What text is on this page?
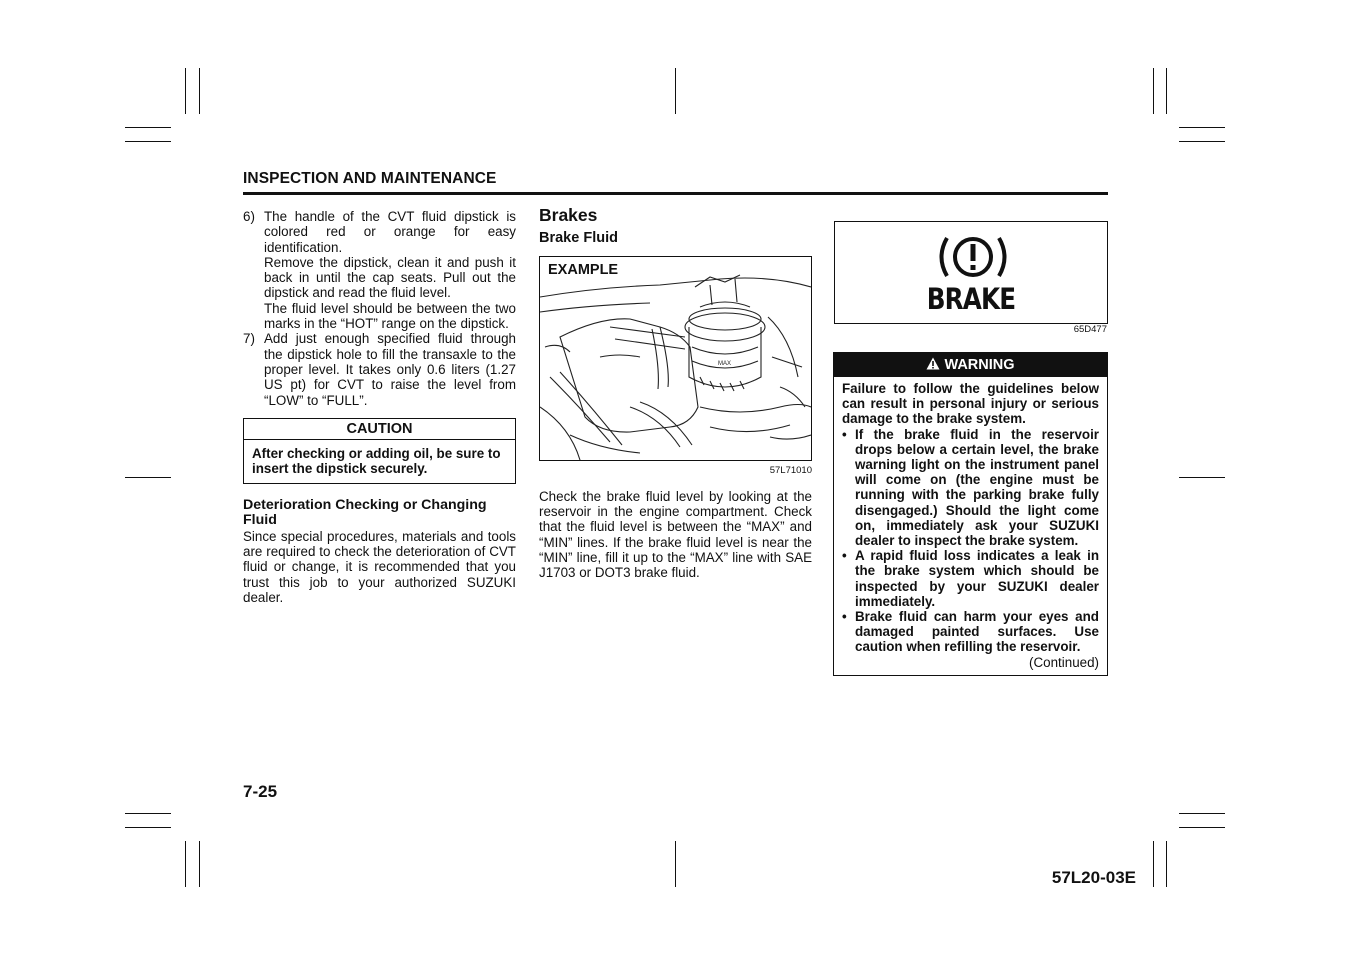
INSPECTION AND MAINTENANCE
6) The handle of the CVT fluid dipstick is colored red or orange for easy identification.

Remove the dipstick, clean it and push it back in until the cap seats. Pull out the dipstick and read the fluid level.

The fluid level should be between the two marks in the “HOT” range on the dipstick.

7) Add just enough specified fluid through the dipstick hole to fill the transaxle to the proper level. It takes only 0.6 liters (1.27 US pt) for CVT to raise the level from “LOW” to “FULL”.

CAUTION
After checking or adding oil, be sure to insert the dipstick securely.
Deterioration Checking or Changing Fluid

Since special procedures, materials and tools are required to check the deterioration of CVT fluid or change, it is recommended that you trust this job to your authorized SUZUKI dealer.

Brakes
Brake Fluid
EXAMPLE
MAX
57L71010

Check the brake fluid level by looking at the reservoir in the engine compartment. Check that the fluid level is between the “MAX” and “MIN” lines. If the brake fluid level is near the “MIN” line, fill it up to the “MAX” line with SAE J1703 or DOT3 brake fluid.

BRAKE
65D477
WARNING

Failure to follow the guidelines below can result in personal injury or serious damage to the brake system.

• If the brake fluid in the reservoir drops below a certain level, the brake warning light on the instrument panel will come on (the engine must be running with the parking brake fully disengaged.) Should the light come on, immediately ask your SUZUKI dealer to inspect the brake system.
• A rapid fluid loss indicates a leak in the brake system which should be inspected by your SUZUKI dealer immediately.
• Brake fluid can harm your eyes and damaged painted surfaces. Use caution when refilling the reservoir.
(Continued)
7-25
57L20-03E
